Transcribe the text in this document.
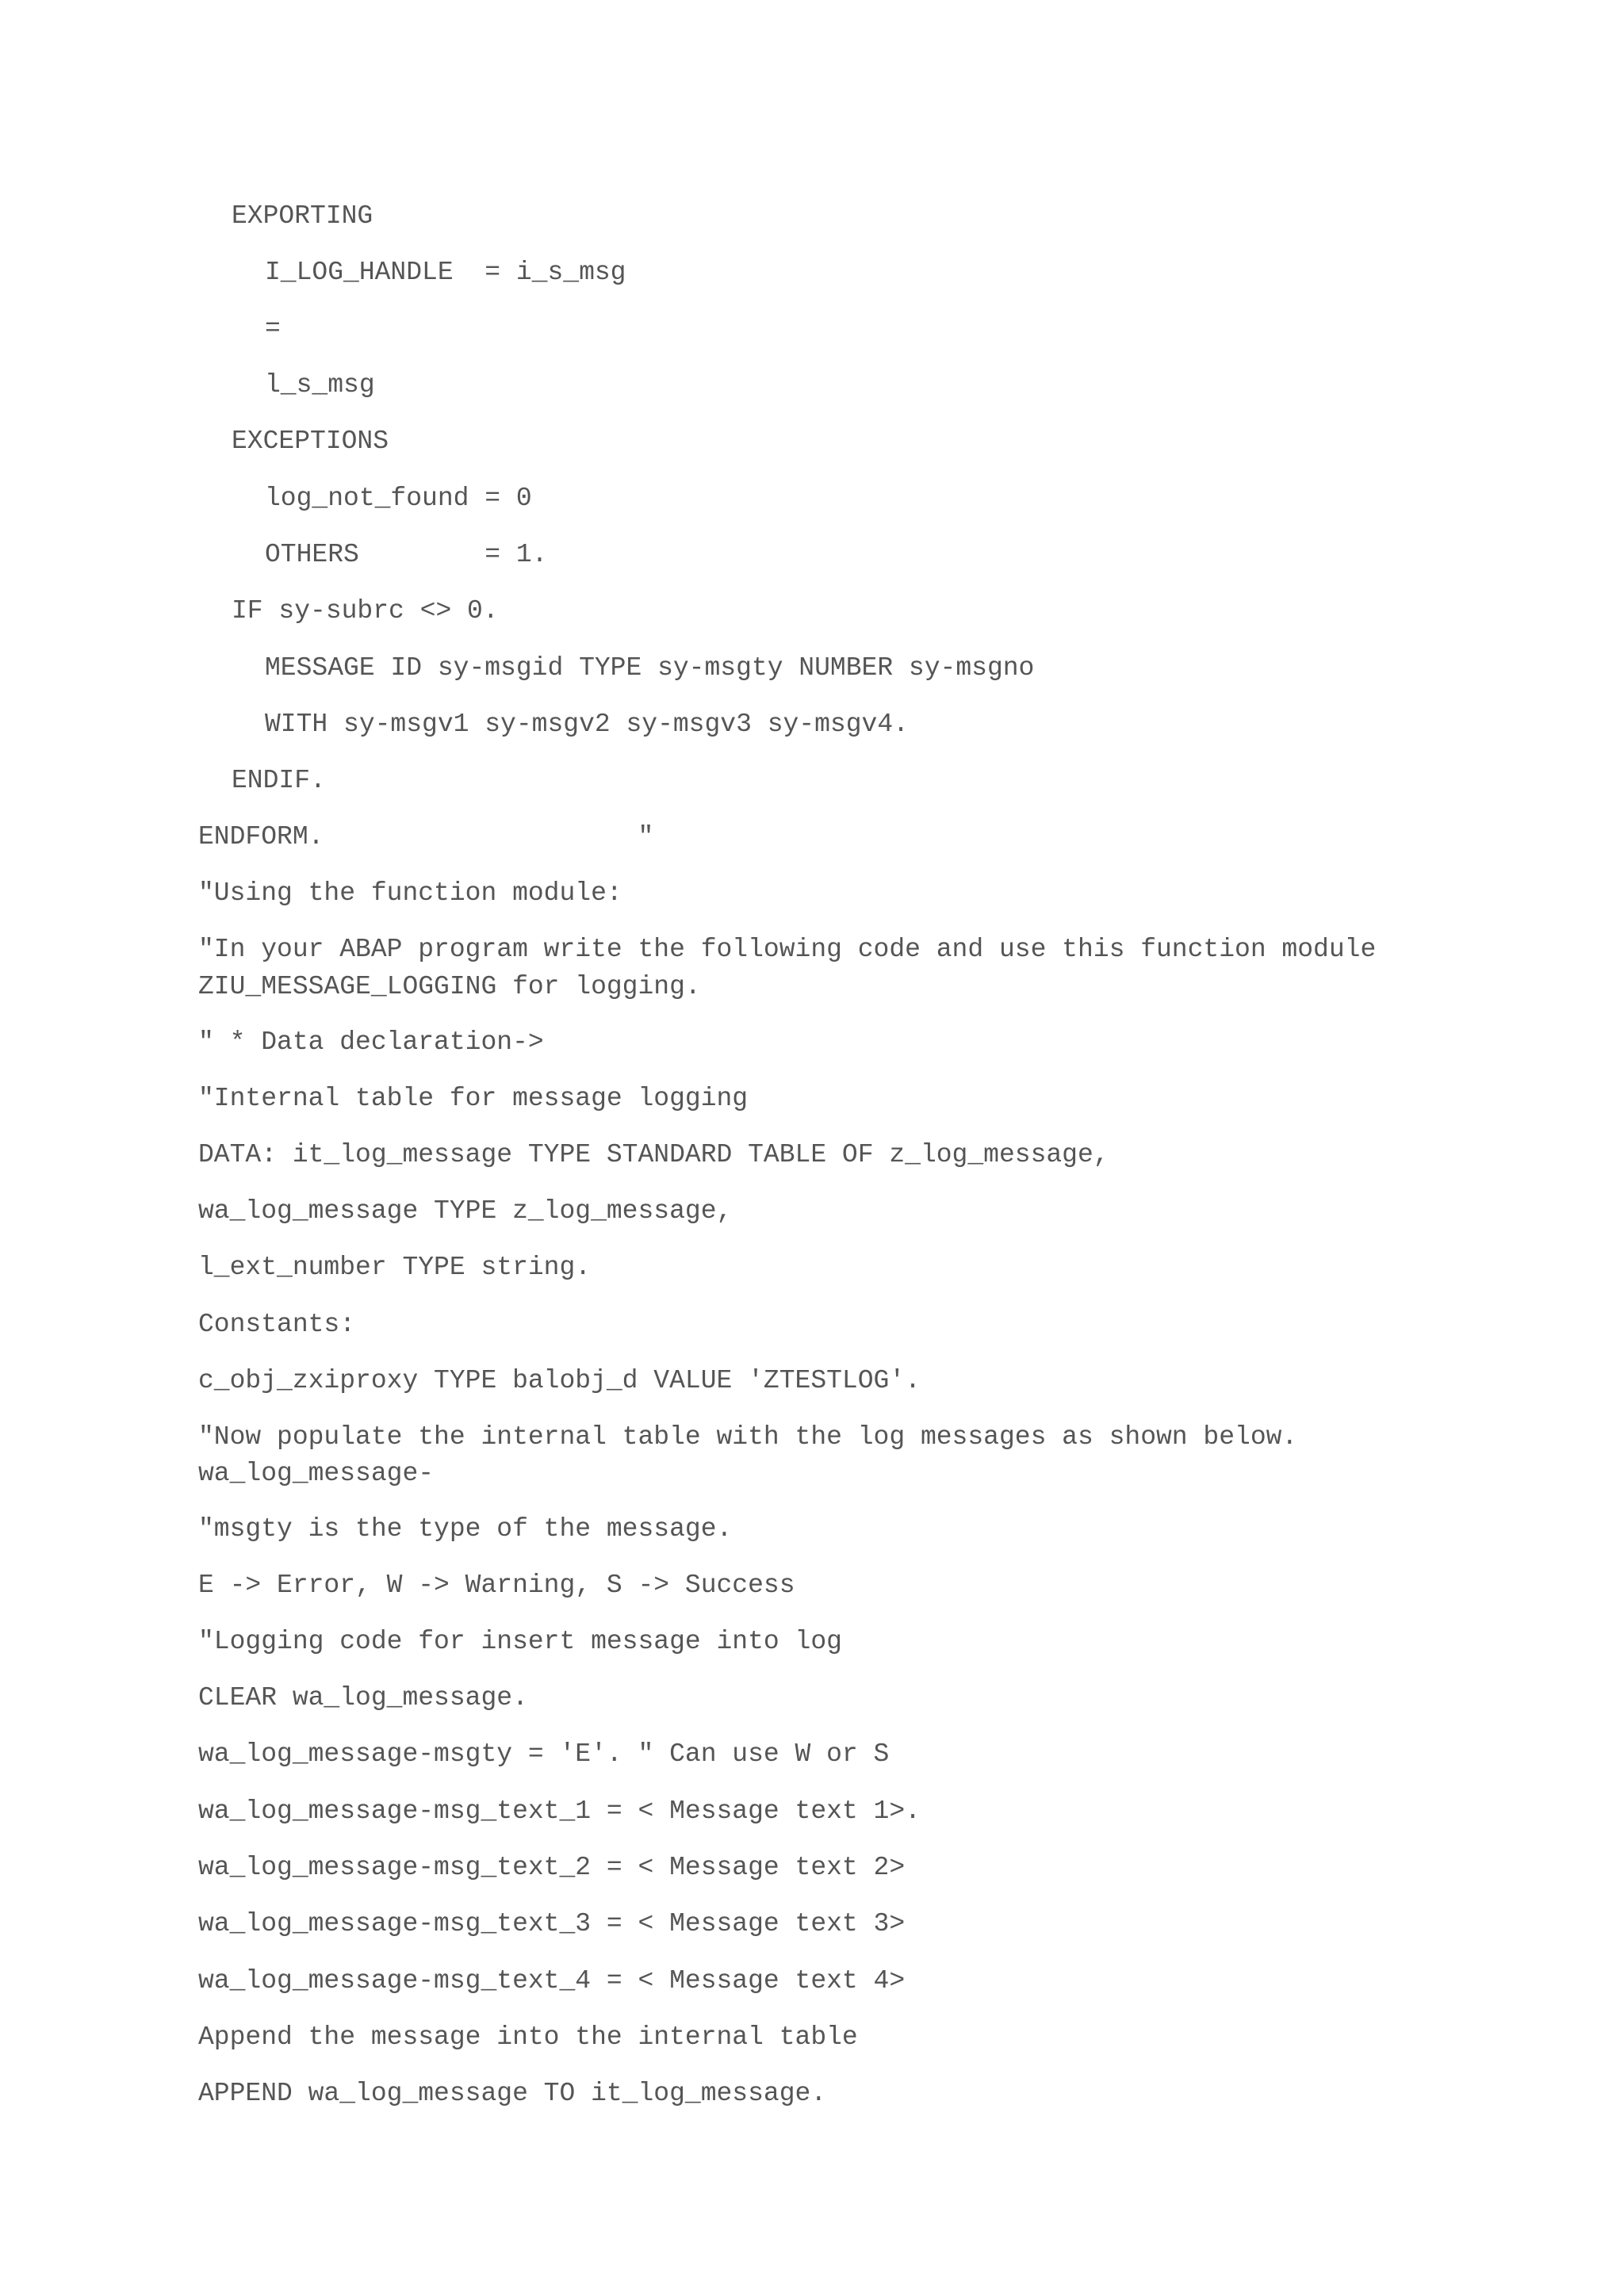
EXPORTING
I_LOG_HANDLE  = i_s_msg
=
l_s_msg
EXCEPTIONS
log_not_found = 0
OTHERS        = 1.
IF sy-subrc <> 0.
MESSAGE ID sy-msgid TYPE sy-msgty NUMBER sy-msgno
WITH sy-msgv1 sy-msgv2 sy-msgv3 sy-msgv4.
ENDIF.
ENDFORM.                    "
"Using the function module:
"In your ABAP program write the following code and use this function module
ZIU_MESSAGE_LOGGING for logging.
" * Data declaration->
"Internal table for message logging
DATA: it_log_message TYPE STANDARD TABLE OF z_log_message,
wa_log_message TYPE z_log_message,
l_ext_number TYPE string.
Constants:
c_obj_zxiproxy TYPE balobj_d VALUE 'ZTESTLOG'.
"Now populate the internal table with the log messages as shown below.
wa_log_message-
"msgty is the type of the message.
E -> Error, W -> Warning, S -> Success
"Logging code for insert message into log
CLEAR wa_log_message.
wa_log_message-msgty = 'E'. " Can use W or S
wa_log_message-msg_text_1 = < Message text 1>.
wa_log_message-msg_text_2 = < Message text 2>
wa_log_message-msg_text_3 = < Message text 3>
wa_log_message-msg_text_4 = < Message text 4>
Append the message into the internal table
APPEND wa_log_message TO it_log_message.
